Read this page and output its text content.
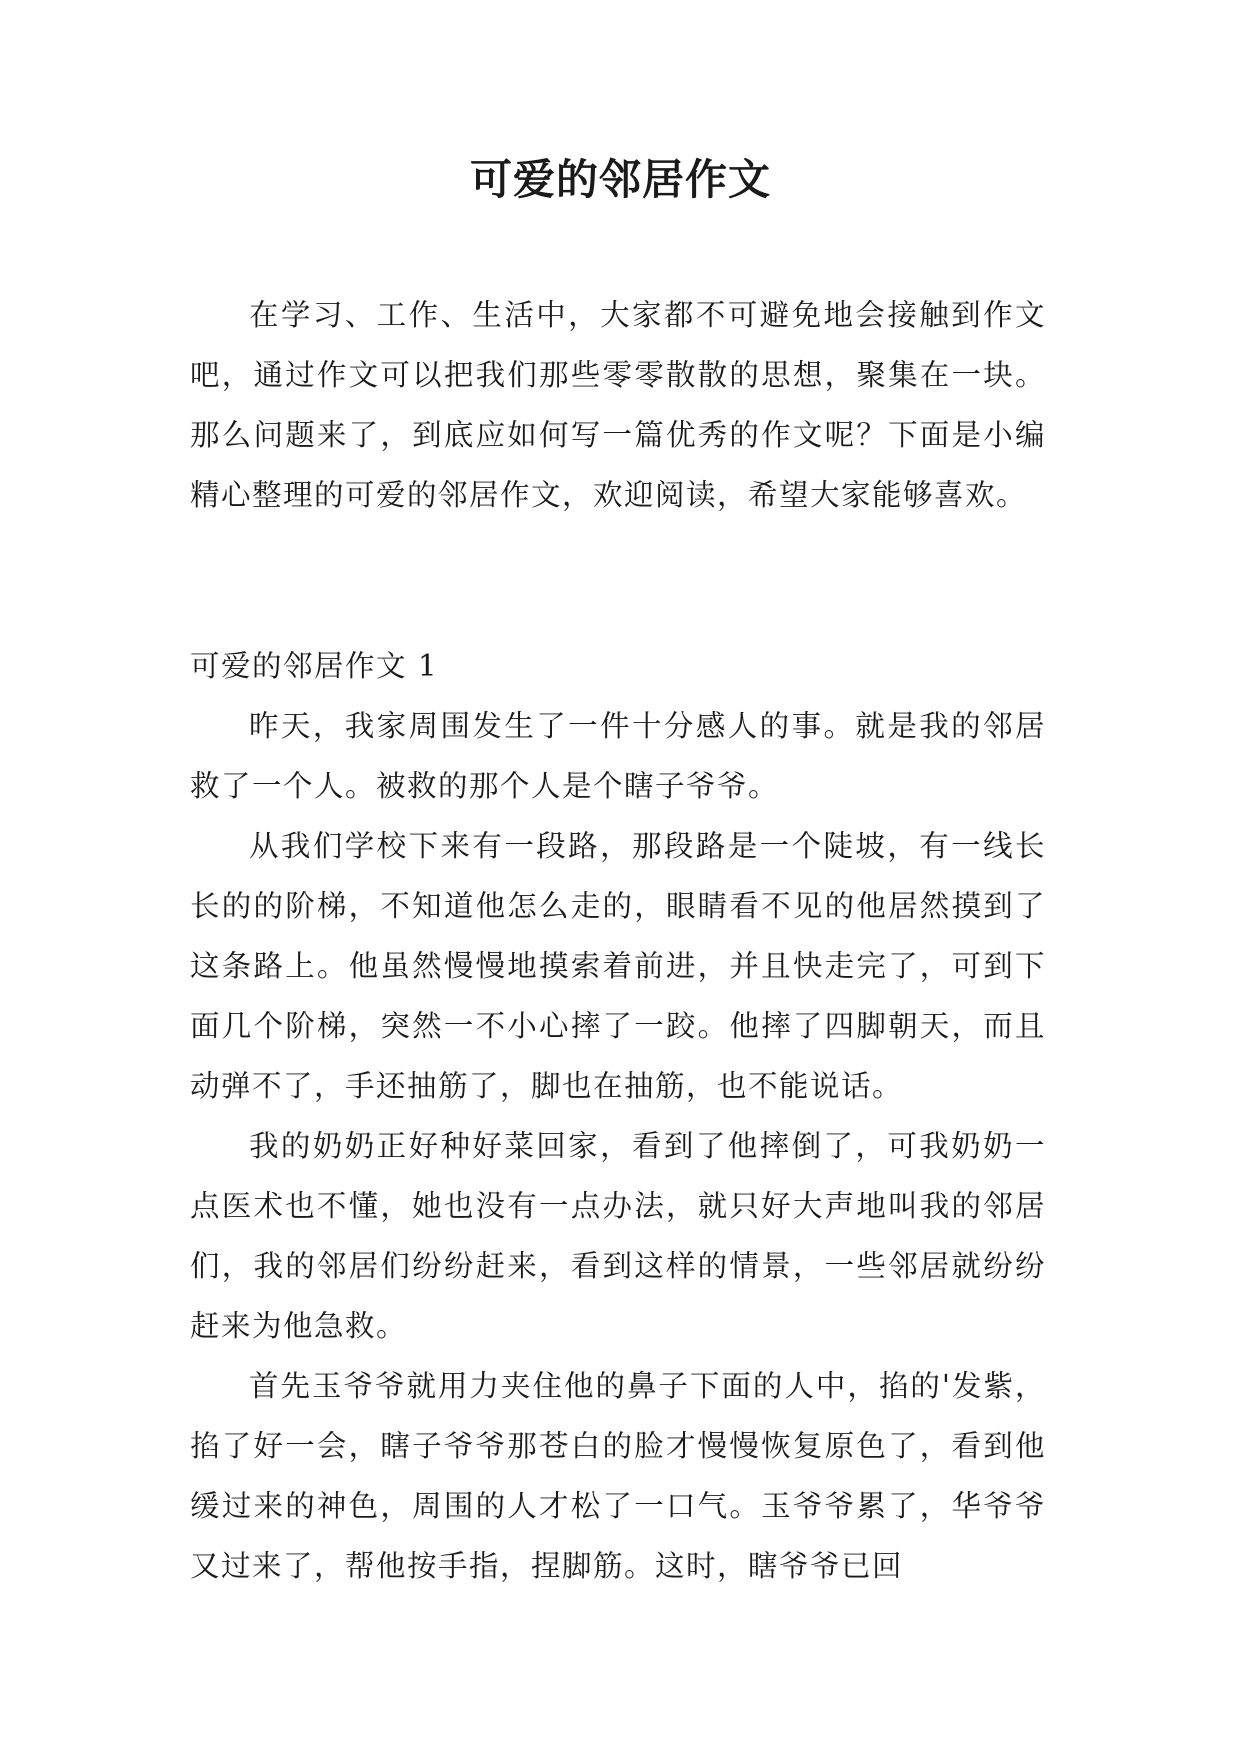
可爱的邻居作文

在学习、工作、生活中，大家都不可避免地会接触到作文吧，通过作文可以把我们那些零零散散的思想，聚集在一块。那么问题来了，到底应如何写一篇优秀的作文呢？下面是小编精心整理的可爱的邻居作文，欢迎阅读，希望大家能够喜欢。

可爱的邻居作文 1

昨天，我家周围发生了一件十分感人的事。就是我的邻居救了一个人。被救的那个人是个瞎子爷爷。

从我们学校下来有一段路，那段路是一个陡坡，有一线长长的的阶梯，不知道他怎么走的，眼睛看不见的他居然摸到了这条路上。他虽然慢慢地摸索着前进，并且快走完了，可到下面几个阶梯，突然一不小心摔了一跤。他摔了四脚朝天，而且动弹不了，手还抽筋了，脚也在抽筋，也不能说话。

我的奶奶正好种好菜回家，看到了他摔倒了，可我奶奶一点医术也不懂，她也没有一点办法，就只好大声地叫我的邻居们，我的邻居们纷纷赶来，看到这样的情景，一些邻居就纷纷赶来为他急救。

首先玉爷爷就用力夹住他的鼻子下面的人中，掐的'发紫，掐了好一会，瞎子爷爷那苍白的脸才慢慢恢复原色了，看到他缓过来的神色，周围的人才松了一口气。玉爷爷累了，华爷爷又过来了，帮他按手指，捏脚筋。这时，瞎爷爷已回
